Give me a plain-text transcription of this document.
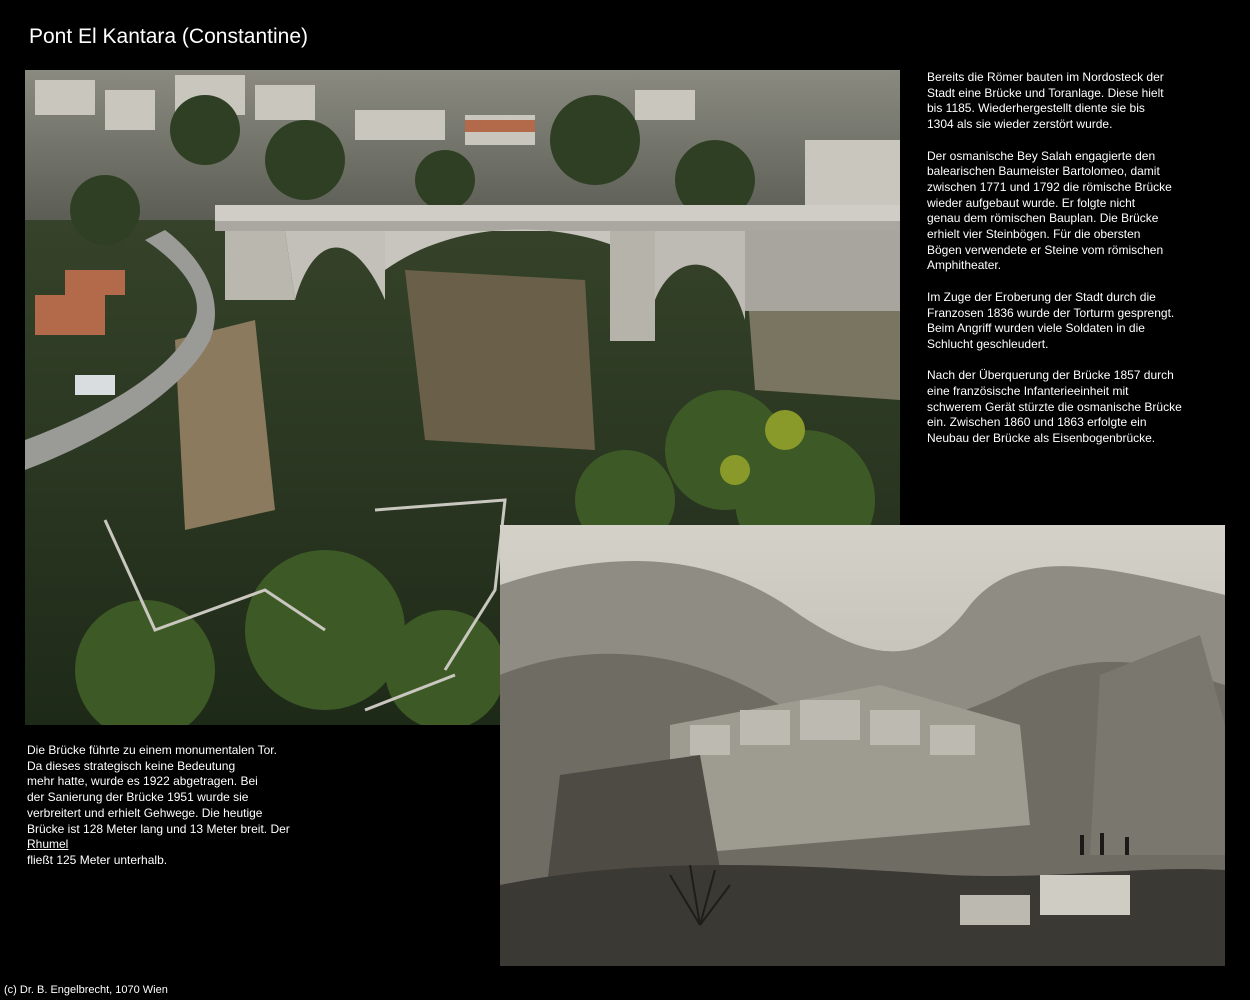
Pont El Kantara (Constantine)

Bereits die Römer bauten im Nordosteck der
Stadt eine Brücke und Toranlage. Diese hielt
bis 1185. Wiederhergestellt diente sie bis
1304 als sie wieder zerstört wurde.

Der osmanische Bey Salah engagierte den
balearischen Baumeister Bartolomeo, damit
zwischen 1771 und 1792 die römische Brücke
wieder aufgebaut wurde. Er folgte nicht
genau dem römischen Bauplan. Die Brücke
erhielt vier Steinbögen. Für die obersten
Bögen verwendete er Steine vom römischen
Amphitheater.

Im Zuge der Eroberung der Stadt durch die
Franzosen 1836 wurde der Torturm gesprengt.
Beim Angriff wurden viele Soldaten in die
Schlucht geschleudert.

Nach der Überquerung der Brücke 1857 durch
eine französische Infanterieeinheit mit
schwerem Gerät stürzte die osmanische Brücke
ein. Zwischen 1860 und 1863 erfolgte ein
Neubau der Brücke als Eisenbogenbrücke.

Die Brücke führte zu einem monumentalen Tor.
Da dieses strategisch keine Bedeutung
mehr hatte, wurde es 1922 abgetragen. Bei
der Sanierung der Brücke 1951 wurde sie
verbreitert und erhielt Gehwege. Die heutige
Brücke ist 128 Meter lang und 13 Meter breit. Der
Rhumel
fließt 125 Meter unterhalb.
(c) Dr. B. Engelbrecht, 1070 Wien
